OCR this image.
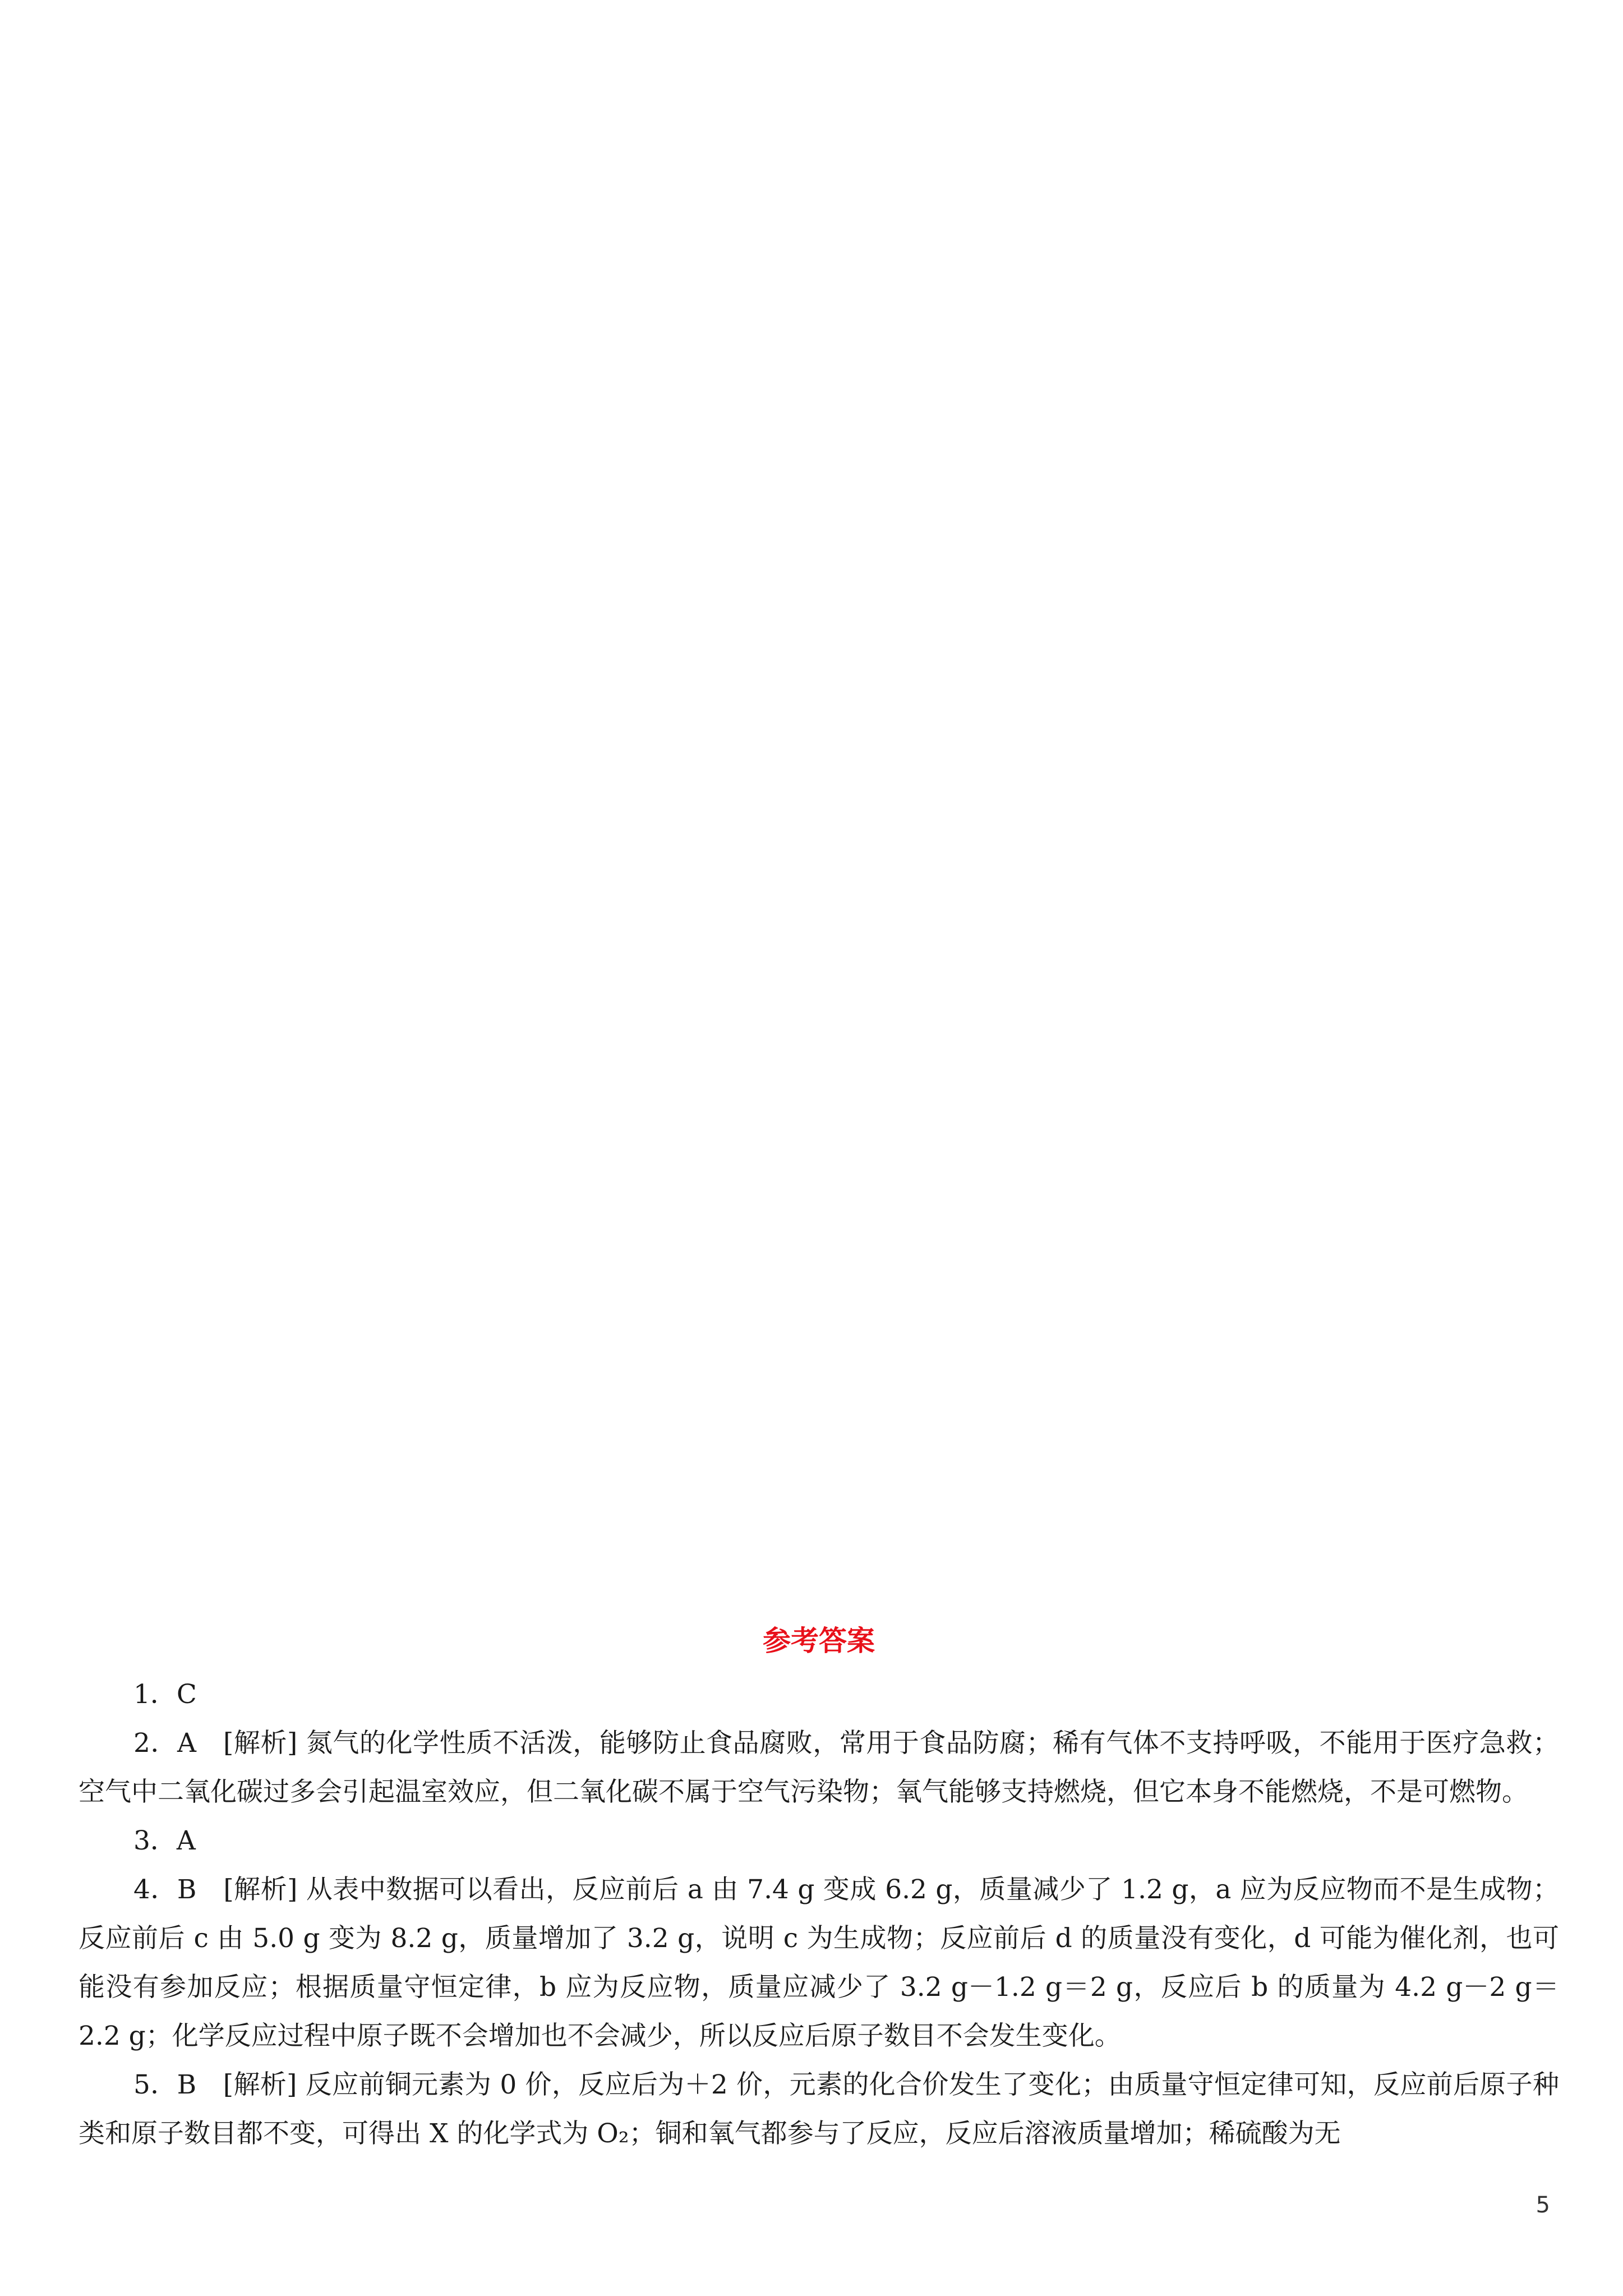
参考答案

1．C

2．A　[解析] 氮气的化学性质不活泼，能够防止食品腐败，常用于食品防腐；稀有气体不支持呼吸，不能用于医疗急救；空气中二氧化碳过多会引起温室效应，但二氧化碳不属于空气污染物；氧气能够支持燃烧，但它本身不能燃烧，不是可燃物。

3．A

4．B　[解析] 从表中数据可以看出，反应前后 a 由 7.4 g 变成 6.2 g，质量减少了 1.2 g，a 应为反应物而不是生成物；反应前后 c 由 5.0 g 变为 8.2 g，质量增加了 3.2 g，说明 c 为生成物；反应前后 d 的质量没有变化，d 可能为催化剂，也可能没有参加反应；根据质量守恒定律，b 应为反应物，质量应减少了 3.2 g－1.2 g＝2 g，反应后 b 的质量为 4.2 g－2 g＝2.2 g；化学反应过程中原子既不会增加也不会减少，所以反应后原子数目不会发生变化。

5．B　[解析] 反应前铜元素为 0 价，反应后为＋2 价，元素的化合价发生了变化；由质量守恒定律可知，反应前后原子种类和原子数目都不变，可得出 X 的化学式为 O₂；铜和氧气都参与了反应，反应后溶液质量增加；稀硫酸为无

5
